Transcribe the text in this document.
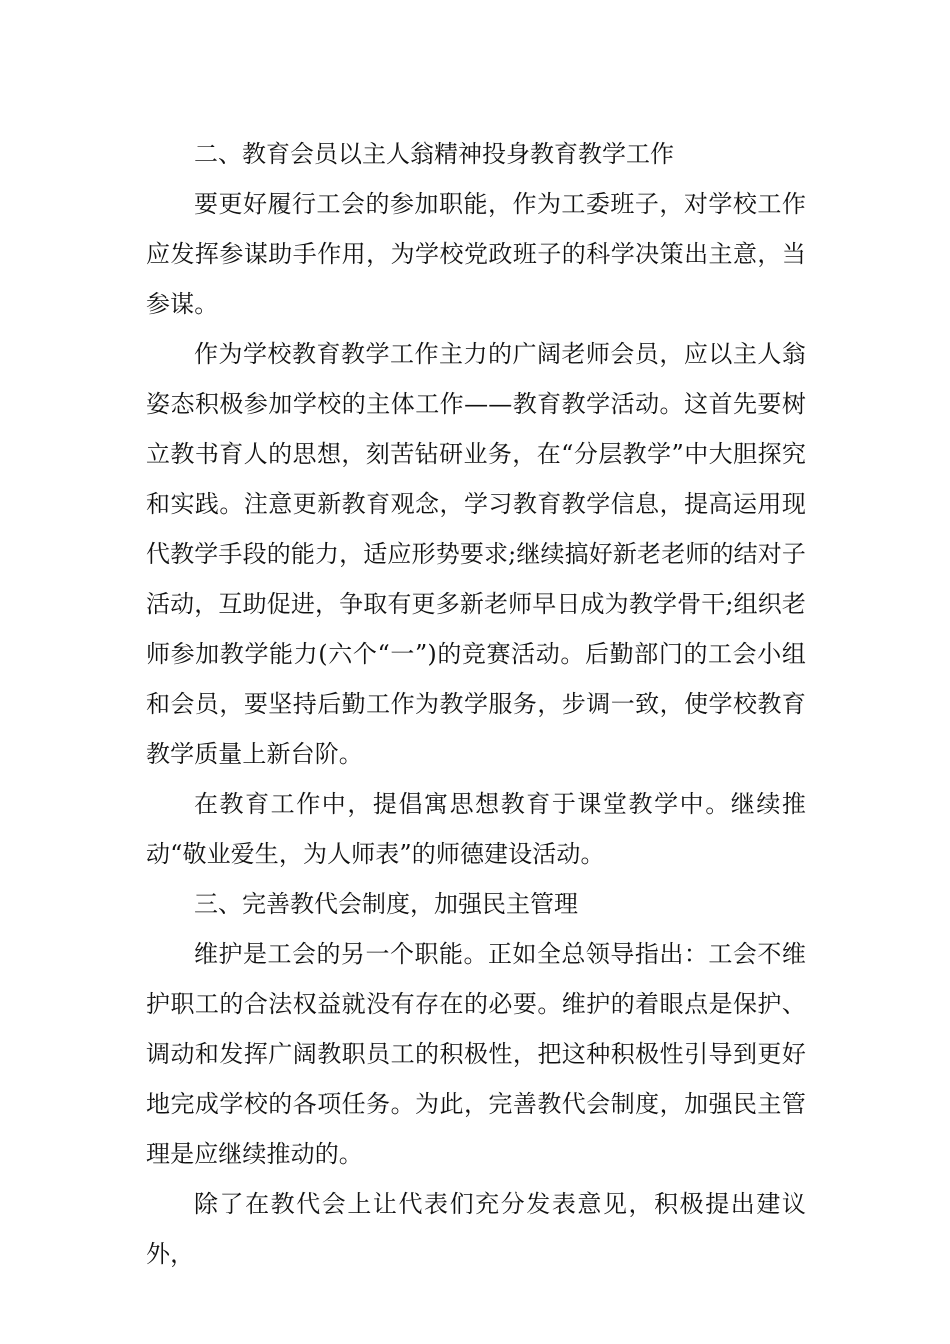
二、教育会员以主人翁精神投身教育教学工作

要更好履行工会的参加职能，作为工委班子，对学校工作应发挥参谋助手作用，为学校党政班子的科学决策出主意，当参谋。

作为学校教育教学工作主力的广阔老师会员，应以主人翁姿态积极参加学校的主体工作——教育教学活动。这首先要树立教书育人的思想，刻苦钻研业务，在“分层教学”中大胆探究和实践。注意更新教育观念，学习教育教学信息，提高运用现代教学手段的能力，适应形势要求;继续搞好新老老师的结对子活动，互助促进，争取有更多新老师早日成为教学骨干;组织老师参加教学能力(六个“一”)的竞赛活动。后勤部门的工会小组和会员，要坚持后勤工作为教学服务，步调一致，使学校教育教学质量上新台阶。

在教育工作中，提倡寓思想教育于课堂教学中。继续推动“敬业爱生，为人师表”的师德建设活动。

三、完善教代会制度，加强民主管理

维护是工会的另一个职能。正如全总领导指出：工会不维护职工的合法权益就没有存在的必要。维护的着眼点是保护、调动和发挥广阔教职员工的积极性，把这种积极性引导到更好地完成学校的各项任务。为此，完善教代会制度，加强民主管理是应继续推动的。

除了在教代会上让代表们充分发表意见，积极提出建议外，
